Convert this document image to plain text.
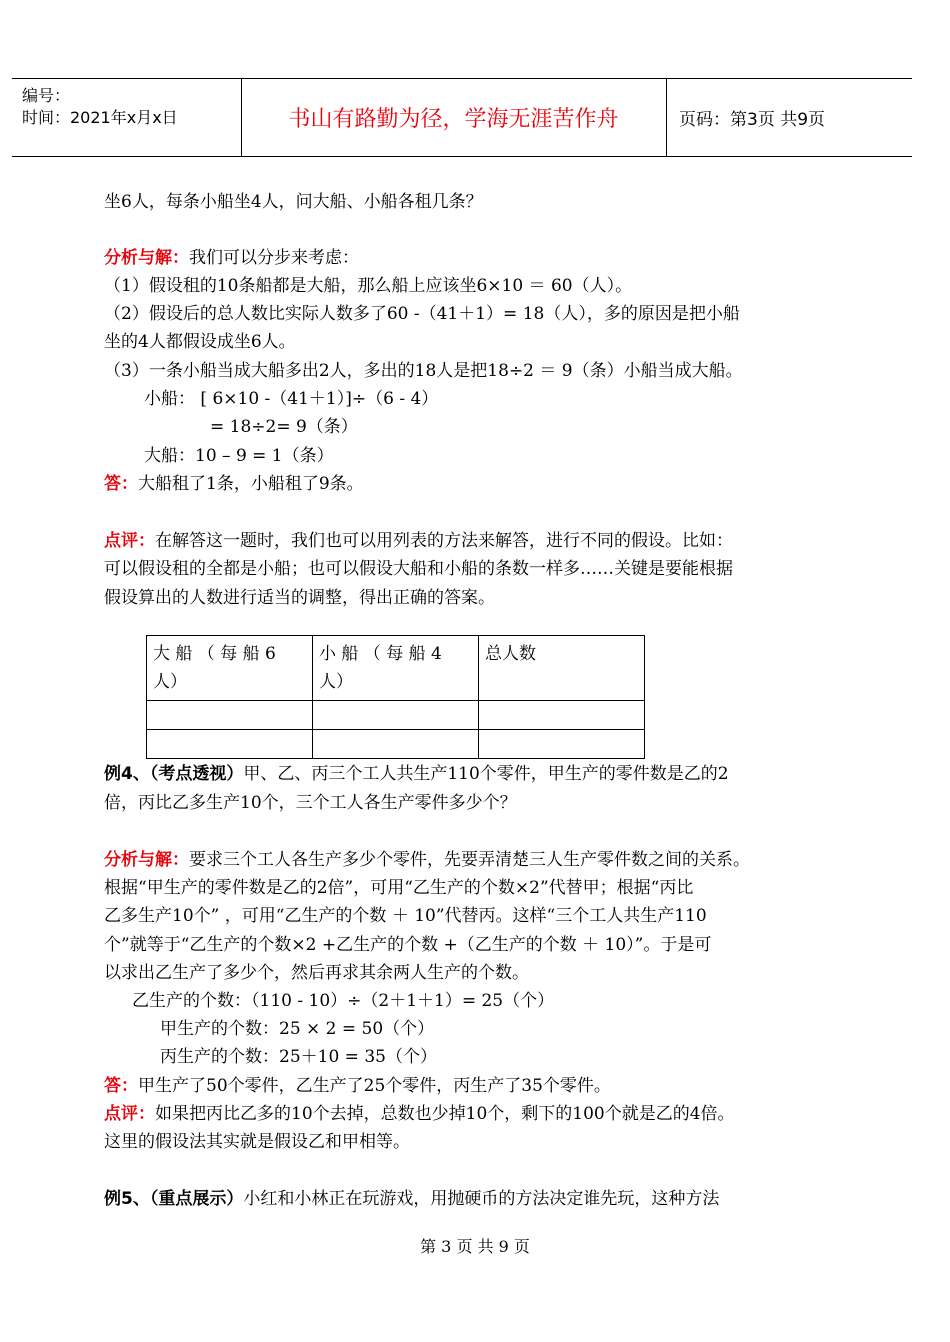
编号：
时间：2021年x月x日	书山有路勤为径，学海无涯苦作舟	页码：第3页 共9页
坐6人，每条小船坐4人，问大船、小船各租几条？
分析与解：我们可以分步来考虑：
（1）假设租的10条船都是大船，那么船上应该坐6×10 ＝ 60（人）。
（2）假设后的总人数比实际人数多了60 -（41＋1）= 18（人），多的原因是把小船
坐的4人都假设成坐6人。
（3）一条小船当成大船多出2人，多出的18人是把18÷2 ＝ 9（条）小船当成大船。
小船： [ 6×10 -（41＋1）]÷（6 - 4）
= 18÷2= 9（条）
大船：10 – 9 = 1（条）
答：大船租了1条，小船租了9条。
点评：在解答这一题时，我们也可以用列表的方法来解答，进行不同的假设。比如：
可以假设租的全都是小船；也可以假设大船和小船的条数一样多……关键是要能根据
假设算出的人数进行适当的调整，得出正确的答案。
大 船 （ 每 船 6 人）	小 船 （ 每 船 4 人）	总人数

例4、（考点透视）甲、乙、丙三个工人共生产110个零件，甲生产的零件数是乙的2
倍，丙比乙多生产10个，三个工人各生产零件多少个？
分析与解：要求三个工人各生产多少个零件，先要弄清楚三人生产零件数之间的关系。
根据“甲生产的零件数是乙的2倍”，可用“乙生产的个数×2”代替甲；根据“丙比
乙多生产10个” ，可用“乙生产的个数 ＋ 10”代替丙。这样“三个工人共生产110
个”就等于“乙生产的个数×2 +乙生产的个数 +（乙生产的个数 ＋ 10）”。于是可
以求出乙生产了多少个，然后再求其余两人生产的个数。
乙生产的个数：（110 - 10）÷（2＋1＋1）= 25（个）
甲生产的个数：25 × 2 = 50（个）
丙生产的个数：25＋10 = 35（个）
答：甲生产了50个零件，乙生产了25个零件，丙生产了35个零件。
点评：如果把丙比乙多的10个去掉，总数也少掉10个，剩下的100个就是乙的4倍。
这里的假设法其实就是假设乙和甲相等。
例5、（重点展示）小红和小林正在玩游戏，用抛硬币的方法决定谁先玩，这种方法
第 3 页 共 9 页
